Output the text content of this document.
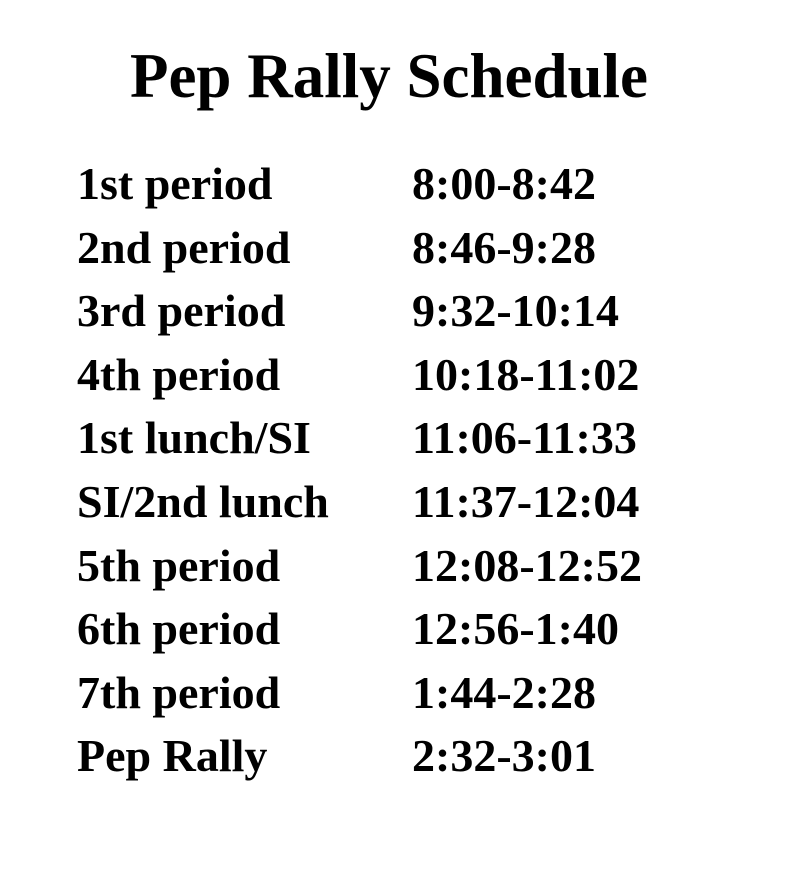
Pep Rally Schedule
1st period	8:00-8:42
2nd period	8:46-9:28
3rd period	9:32-10:14
4th period	10:18-11:02
1st lunch/SI 11:06-11:33
SI/2nd lunch 11:37-12:04
5th period	12:08-12:52
6th period	12:56-1:40
7th period	1:44-2:28
Pep Rally	2:32-3:01
